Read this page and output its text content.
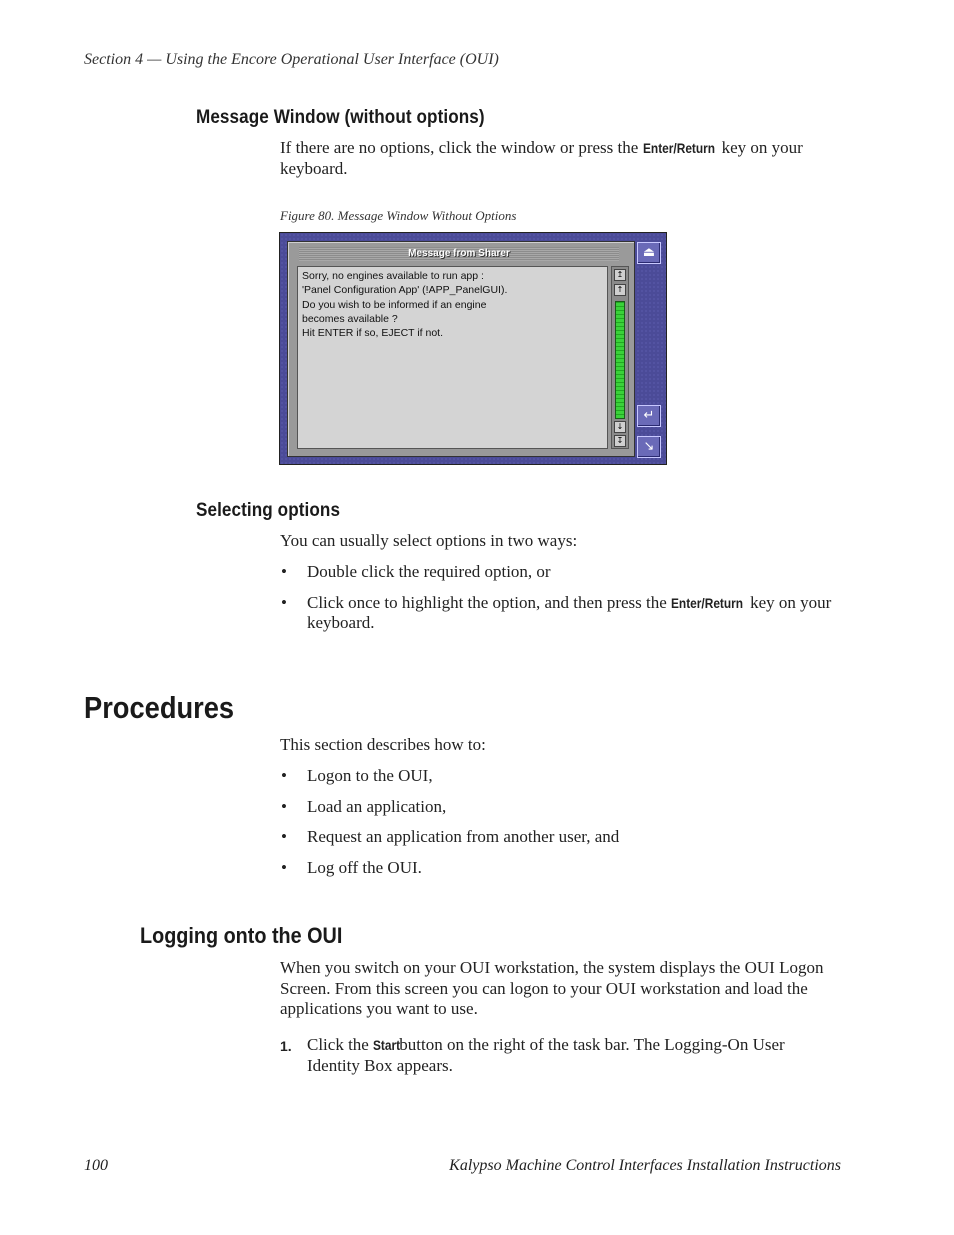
Section 4 — Using the Encore Operational User Interface (OUI)
Message Window (without options)
If there are no options, click the window or press the Enter/Return key on your keyboard.
Figure 80. Message Window Without Options
Message from Sharer

Sorry, no engines available to run app :

'Panel Configuration App' (!APP_PanelGUI).

Do you wish to be informed if an engine

becomes available ?

Hit ENTER if so, EJECT if not.

↥
↑
↓
↧
⏏
↵
↘
Selecting options
You can usually select options in two ways:
• Double click the required option, or
• Click once to highlight the option, and then press the Enter/Return key on your keyboard.
Procedures
This section describes how to:
• Logon to the OUI,
• Load an application,
• Request an application from another user, and
• Log off the OUI.
Logging onto the OUI
When you switch on your OUI workstation, the system displays the OUI Logon Screen. From this screen you can logon to your OUI workstation and load the applications you want to use.
1. Click the Start button on the right of the task bar. The Logging-On User Identity Box appears.
100	Kalypso Machine Control Interfaces Installation Instructions
